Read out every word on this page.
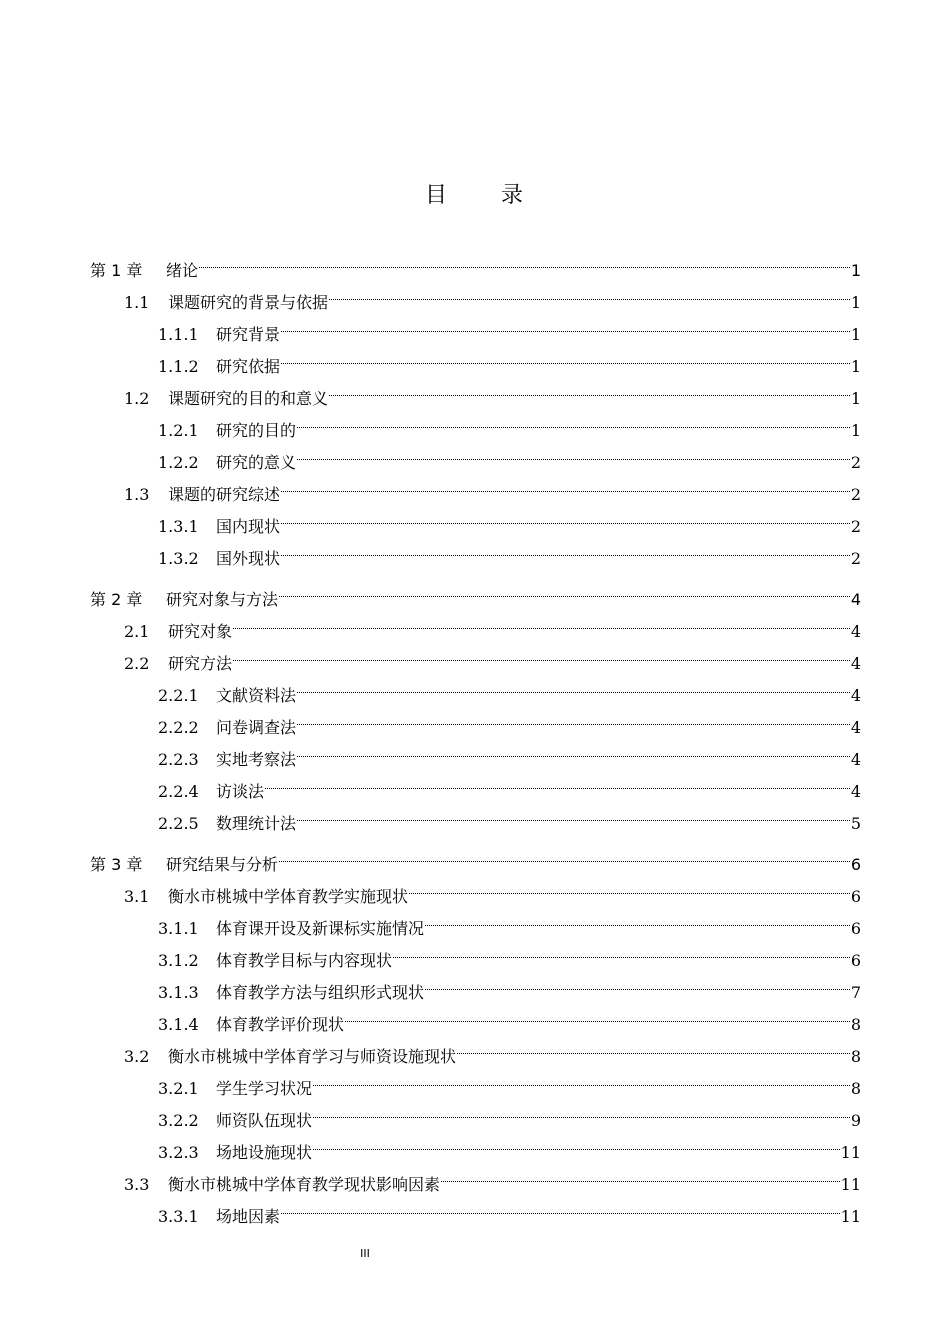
目 录
第 1 章	绪论	1
1.1	课题研究的背景与依据	1
1.1.1	研究背景	1
1.1.2	研究依据	1
1.2	课题研究的目的和意义	1
1.2.1	研究的目的	1
1.2.2	研究的意义	2
1.3	课题的研究综述	2
1.3.1	国内现状	2
1.3.2	国外现状	2
第 2 章	研究对象与方法	4
2.1	研究对象	4
2.2	研究方法	4
2.2.1	文献资料法	4
2.2.2	问卷调查法	4
2.2.3	实地考察法	4
2.2.4	访谈法	4
2.2.5	数理统计法	5
第 3 章	研究结果与分析	6
3.1	衡水市桃城中学体育教学实施现状	6
3.1.1	体育课开设及新课标实施情况	6
3.1.2	体育教学目标与内容现状	6
3.1.3	体育教学方法与组织形式现状	7
3.1.4	体育教学评价现状	8
3.2	衡水市桃城中学体育学习与师资设施现状	8
3.2.1	学生学习状况	8
3.2.2	师资队伍现状	9
3.2.3	场地设施现状	11
3.3	衡水市桃城中学体育教学现状影响因素	11
3.3.1	场地因素	11
III
